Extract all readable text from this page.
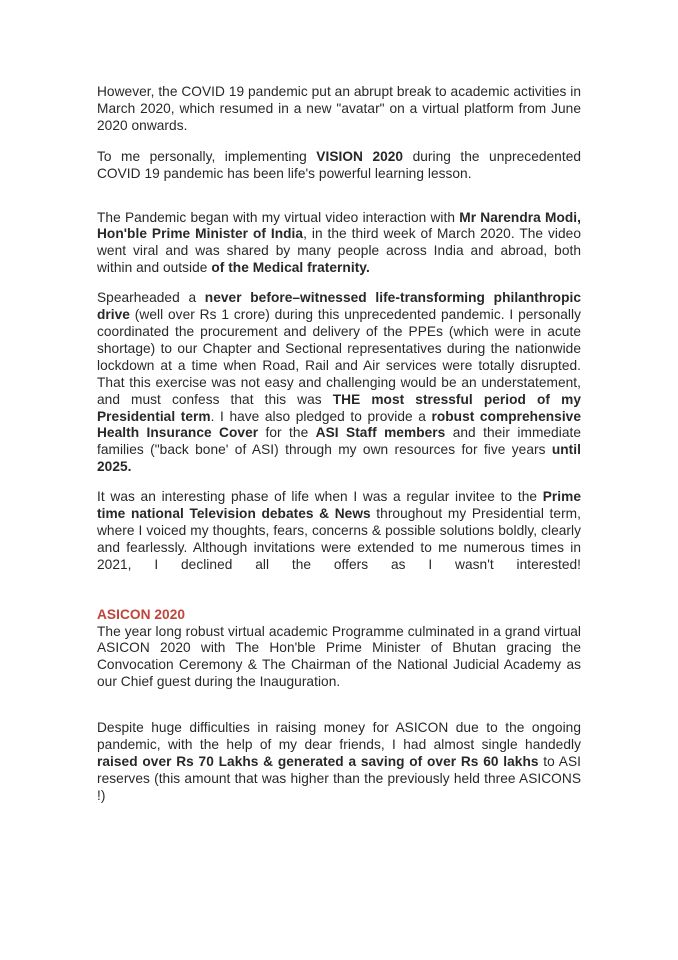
However, the COVID 19 pandemic put an abrupt break to academic activities in March 2020, which resumed in a new "avatar" on a virtual platform from June 2020 onwards.

To me personally, implementing VISION 2020 during the unprecedented COVID 19 pandemic has been life's powerful learning lesson.

The Pandemic began with my virtual video interaction with Mr Narendra Modi, Hon'ble Prime Minister of India, in the third week of March 2020. The video went viral and was shared by many people across India and abroad, both within and outside of the Medical fraternity.

Spearheaded a never before–witnessed life-transforming philanthropic drive (well over Rs 1 crore) during this unprecedented pandemic. I personally coordinated the procurement and delivery of the PPEs (which were in acute shortage) to our Chapter and Sectional representatives during the nationwide lockdown at a time when Road, Rail and Air services were totally disrupted. That this exercise was not easy and challenging would be an understatement, and must confess that this was THE most stressful period of my Presidential term. I have also pledged to provide a robust comprehensive Health Insurance Cover for the ASI Staff members and their immediate families ("back bone' of ASI) through my own resources for five years until 2025.

It was an interesting phase of life when I was a regular invitee to the Prime time national Television debates & News throughout my Presidential term, where I voiced my thoughts, fears, concerns & possible solutions boldly, clearly and fearlessly. Although invitations were extended to me numerous times in 2021, I declined all the offers as I wasn't interested!

ASICON 2020

The year long robust virtual academic Programme culminated in a grand virtual ASICON 2020 with The Hon'ble Prime Minister of Bhutan gracing the Convocation Ceremony & The Chairman of the National Judicial Academy as our Chief guest during the Inauguration.

Despite huge difficulties in raising money for ASICON due to the ongoing pandemic, with the help of my dear friends, I had almost single handedly raised over Rs 70 Lakhs & generated a saving of over Rs 60 lakhs to ASI reserves (this amount that was higher than the previously held three ASICONS !)
